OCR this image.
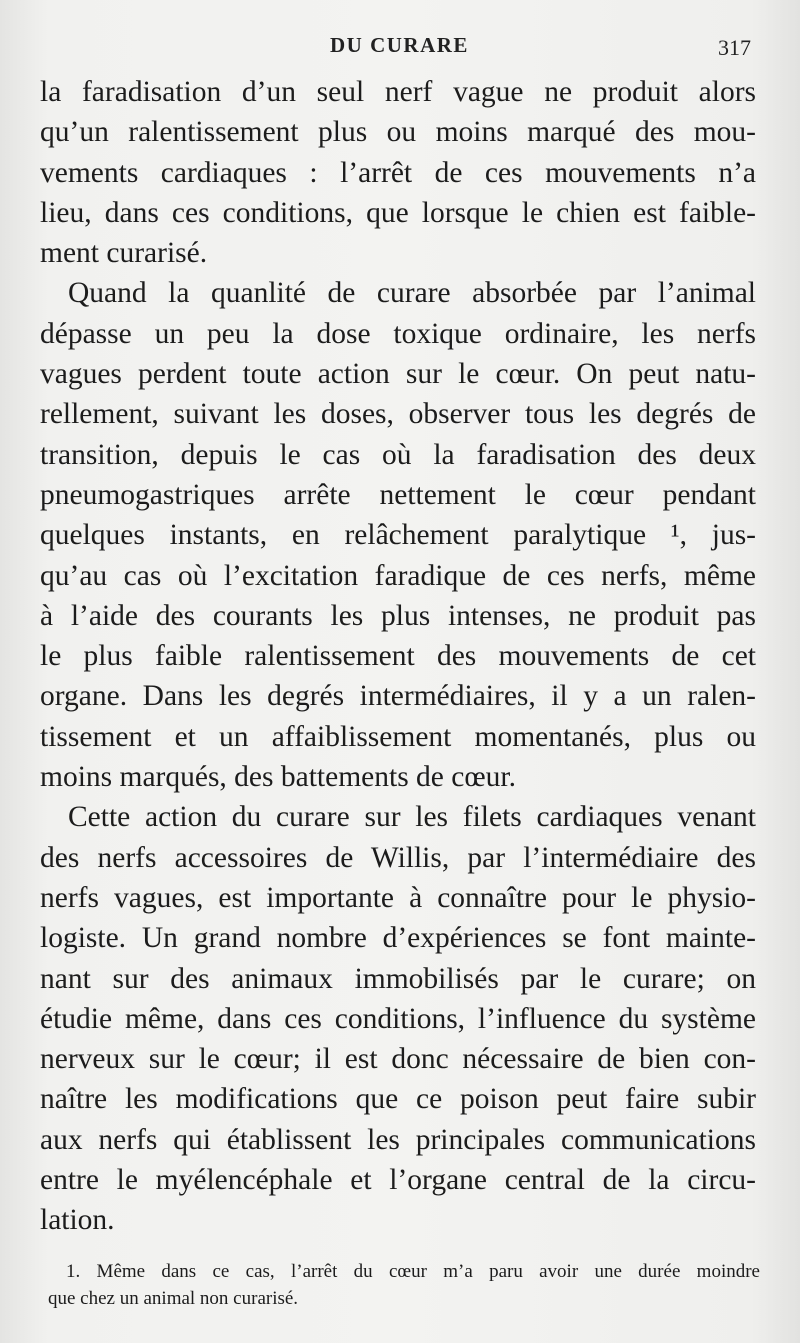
DU CURARE	317
la faradisation d’un seul nerf vague ne produit alors
qu’un ralentissement plus ou moins marqué des mou-
vements cardiaques : l’arrêt de ces mouvements n’a
lieu, dans ces conditions, que lorsque le chien est faible-
ment curarisé.
Quand la quanlité de curare absorbée par l’animal
dépasse un peu la dose toxique ordinaire, les nerfs
vagues perdent toute action sur le cœur. On peut natu-
rellement, suivant les doses, observer tous les degrés de
transition, depuis le cas où la faradisation des deux
pneumogastriques arrête nettement le cœur pendant
quelques instants, en relâchement paralytique ¹, jus-
qu’au cas où l’excitation faradique de ces nerfs, même
à l’aide des courants les plus intenses, ne produit pas
le plus faible ralentissement des mouvements de cet
organe. Dans les degrés intermédiaires, il y a un ralen-
tissement et un affaiblissement momentanés, plus ou
moins marqués, des battements de cœur.
Cette action du curare sur les filets cardiaques venant
des nerfs accessoires de Willis, par l’intermédiaire des
nerfs vagues, est importante à connaître pour le physio-
logiste. Un grand nombre d’expériences se font mainte-
nant sur des animaux immobilisés par le curare; on
étudie même, dans ces conditions, l’influence du système
nerveux sur le cœur; il est donc nécessaire de bien con-
naître les modifications que ce poison peut faire subir
aux nerfs qui établissent les principales communications
entre le myélencéphale et l’organe central de la circu-
lation.
1. Même dans ce cas, l’arrêt du cœur m’a paru avoir une durée moindre
que chez un animal non curarisé.
